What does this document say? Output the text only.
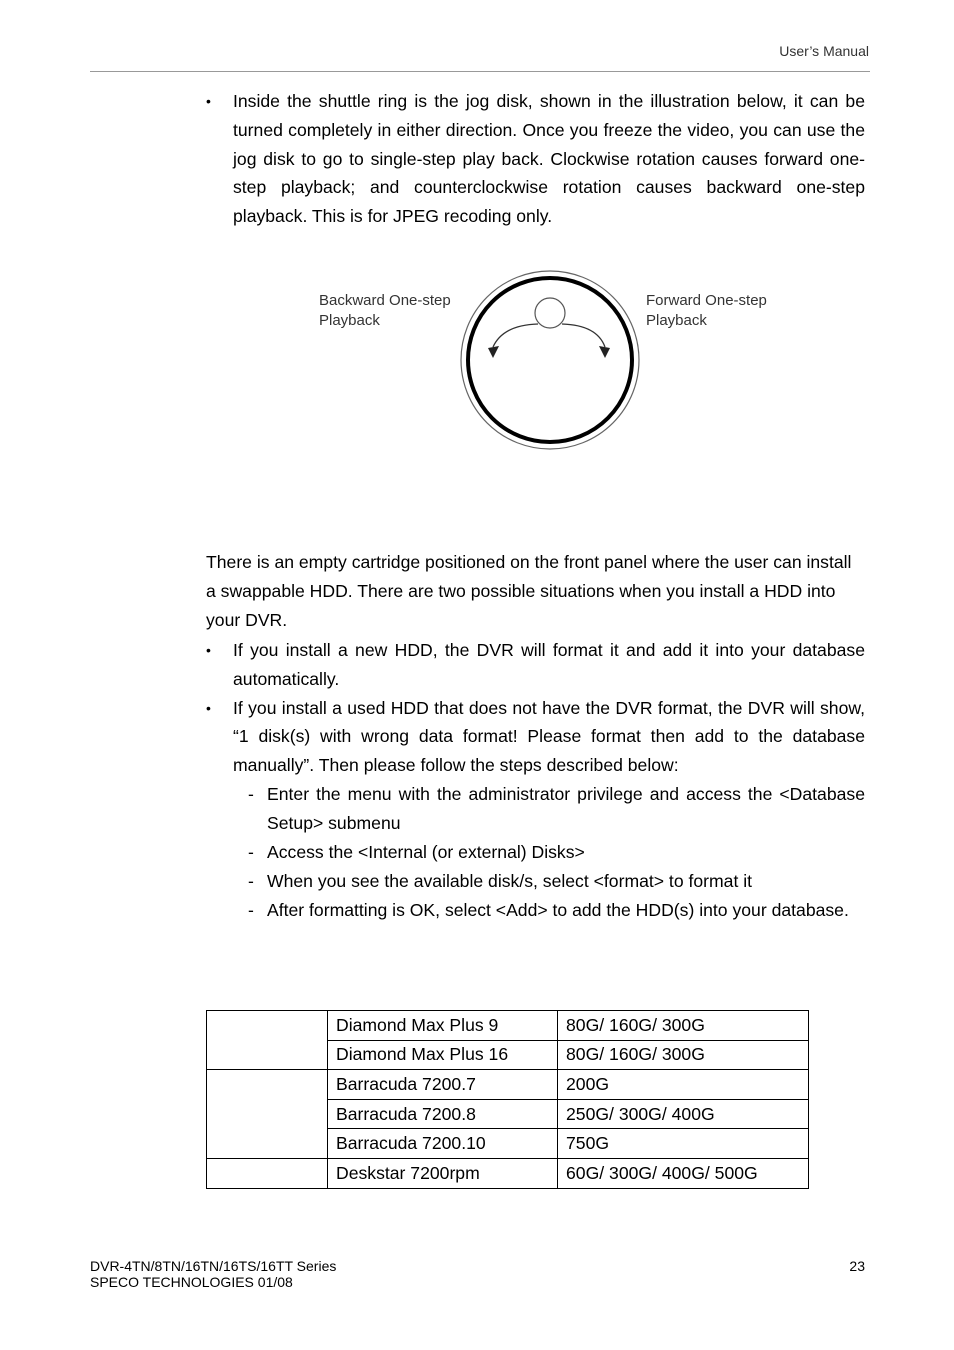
User’s Manual
•	Inside the shuttle ring is the jog disk, shown in the illustration below, it can be turned completely in either direction. Once you freeze the video, you can use the jog disk to go to single-step play back. Clockwise rotation causes forward one-step playback; and counterclockwise rotation causes backward one-step playback. This is for JPEG recoding only.
Backward One-step
Playback
Forward One-step
Playback
There is an empty cartridge positioned on the front panel where the user can install a swappable HDD. There are two possible situations when you install a HDD into your DVR.
•	If you install a new HDD, the DVR will format it and add it into your database automatically.
•	If you install a used HDD that does not have the DVR format, the DVR will show, “1 disk(s) with wrong data format! Please format then add to the database manually”. Then please follow the steps described below:
- Enter the menu with the administrator privilege and access the <Database Setup> submenu
- Access the <Internal (or external) Disks>
- When you see the available disk/s, select <format> to format it
- After formatting is OK, select <Add> to add the HDD(s) into your database.
	Diamond Max Plus 9	80G/ 160G/ 300G
	Diamond Max Plus 16	80G/ 160G/ 300G
	Barracuda 7200.7	200G
	Barracuda 7200.8	250G/ 300G/ 400G
	Barracuda 7200.10	750G
	Deskstar 7200rpm	60G/ 300G/ 400G/ 500G
DVR-4TN/8TN/16TN/16TS/16TT Series
SPECO TECHNOLOGIES 01/08
23
